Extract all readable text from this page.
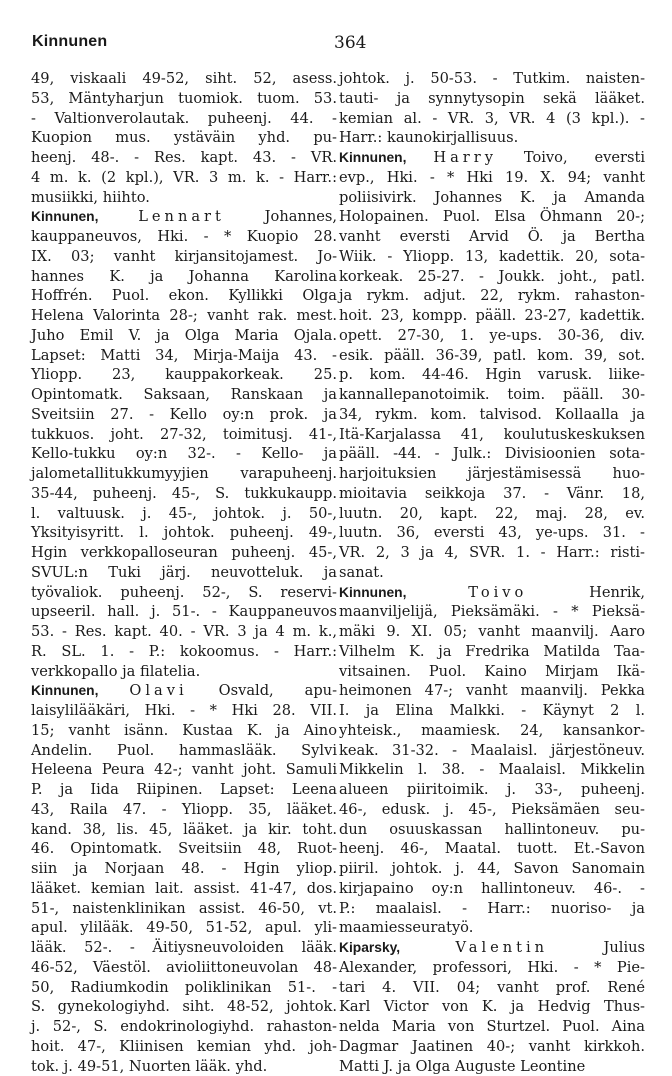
Kinnunen	364
49, viskaali 49-52, siht. 52, asess.
53, Mäntyharjun tuomiok. tuom. 53.
- Valtionverolautak. puheenj. 44. -
Kuopion mus. ystäväin yhd. pu-
heenj. 48-. - Res. kapt. 43. - VR.
4 m. k. (2 kpl.), VR. 3 m. k. - Harr.:
musiikki, hiihto.
Kinnunen,	Lennart Johannes,
kauppaneuvos, Hki. - * Kuopio 28.
IX. 03; vanht kirjansitojamest. Jo-
hannes K. ja Johanna Karolina
Hoffrén. Puol. ekon. Kyllikki Olga
Helena Valorinta 28-; vanht rak. mest.
Juho Emil V. ja Olga Maria Ojala.
Lapset: Matti 34, Mirja-Maija 43. -
Yliopp. 23, kauppakorkeak. 25.
Opintomatk. Saksaan, Ranskaan ja
Sveitsiin 27. - Kello oy:n prok. ja
tukkuos. joht. 27-32, toimitusj. 41-,
Kello-tukku oy:n 32-. - Kello- ja
jalometallitukkumyyjien varapuheenj.
35-44, puheenj. 45-, S. tukkukaupp.
l. valtuusk. j. 45-, johtok. j. 50-,
Yksityisyritt. l. johtok. puheenj. 49-,
Hgin verkkopalloseuran puheenj. 45-,
SVUL:n Tuki järj. neuvotteluk. ja
työvaliok. puheenj. 52-, S. reservi-
upseeril. hall. j. 51-. - Kauppaneuvos
53. - Res. kapt. 40. - VR. 3 ja 4 m. k.,
R. SL. 1. - P.: kokoomus. - Harr.:
verkkopallo ja filatelia.
Kinnunen, Olavi Osvald, apu-
laisylilääkäri, Hki. - * Hki 28. VII.
15; vanht isänn. Kustaa K. ja Aino
Andelin. Puol. hammaslääk. Sylvi
Heleena Peura 42-; vanht joht. Samuli
P. ja Iida Riipinen. Lapset: Leena
43, Raila 47. - Yliopp. 35, lääket.
kand. 38, lis. 45, lääket. ja kir. toht.
46. Opintomatk. Sveitsiin 48, Ruot-
siin ja Norjaan 48. - Hgin yliop.
lääket. kemian lait. assist. 41-47, dos.
51-, naistenklinikan assist. 46-50, vt.
apul. ylilääk. 49-50, 51-52, apul. yli-
lääk. 52-. - Äitiysneuvoloiden lääk.
46-52, Väestöl. avioliittoneuvolan 48-
50, Radiumkodin poliklinikan 51-. -
S. gynekologiyhd. siht. 48-52, johtok.
j. 52-, S. endokrinologiyhd. rahaston-
hoit. 47-, Kliinisen kemian yhd. joh-
tok. j. 49-51, Nuorten lääk. yhd.
johtok. j. 50-53. - Tutkim. naisten-
tauti- ja synnytysopin sekä lääket.
kemian al. - VR. 3, VR. 4 (3 kpl.). -
Harr.: kaunokirjallisuus.
Kinnunen, Harry Toivo, eversti
evp., Hki. - * Hki 19. X. 94; vanht
poliisivirk. Johannes K. ja Amanda
Holopainen. Puol. Elsa Öhmann 20-;
vanht eversti Arvid Ö. ja Bertha
Wiik. - Yliopp. 13, kadettik. 20, sota-
korkeak. 25-27. - Joukk. joht., patl.
ja rykm. adjut. 22, rykm. rahaston-
hoit. 23, kompp. pääll. 23-27, kadettik.
opett. 27-30, 1. ye-ups. 30-36, div.
esik. pääll. 36-39, patl. kom. 39, sot.
p. kom. 44-46. Hgin varusk. liike-
kannallepanotoimik. toim. pääll. 30-
34, rykm. kom. talvisod. Kollaalla ja
Itä-Karjalassa 41, koulutuskeskuksen
pääll. -44. - Julk.: Divisioonien sota-
harjoituksien järjestämisessä huo-
mioitavia seikkoja 37. - Vänr. 18,
luutn. 20, kapt. 22, maj. 28, ev.
luutn. 36, eversti 43, ye-ups. 31. -
VR. 2, 3 ja 4, SVR. 1. - Harr.: risti-
sanat.
Kinnunen,	Toivo Henrik,
maanviljelijä, Pieksämäki. - * Pieksä-
mäki 9. XI. 05; vanht maanvilj. Aaro
Vilhelm K. ja Fredrika Matilda Taa-
vitsainen. Puol. Kaino Mirjam Ikä-
heimonen 47-; vanht maanvilj. Pekka
I. ja Elina Malkki. - Käynyt 2 l.
yhteisk., maamiesk. 24, kansankor-
keak. 31-32. - Maalaisl. järjestöneuv.
Mikkelin l. 38. - Maalaisl. Mikkelin
alueen piiritoimik. j. 33-, puheenj.
46-, edusk. j. 45-, Pieksämäen seu-
dun osuuskassan hallintoneuv. pu-
heenj. 46-, Maatal. tuott. Et.-Savon
piiril. johtok. j. 44, Savon Sanomain
kirjapaino oy:n hallintoneuv. 46-. -
P.: maalaisl. - Harr.: nuoriso- ja
maamiesseuratyö.
Kiparsky,	Valentin Julius
Alexander, professori, Hki. - * Pie-
tari 4. VII. 04; vanht prof. René
Karl Victor von K. ja Hedvig Thus-
nelda Maria von Sturtzel. Puol. Aina
Dagmar Jaatinen 40-; vanht kirkkoh.
Matti J. ja Olga Auguste Leontine
